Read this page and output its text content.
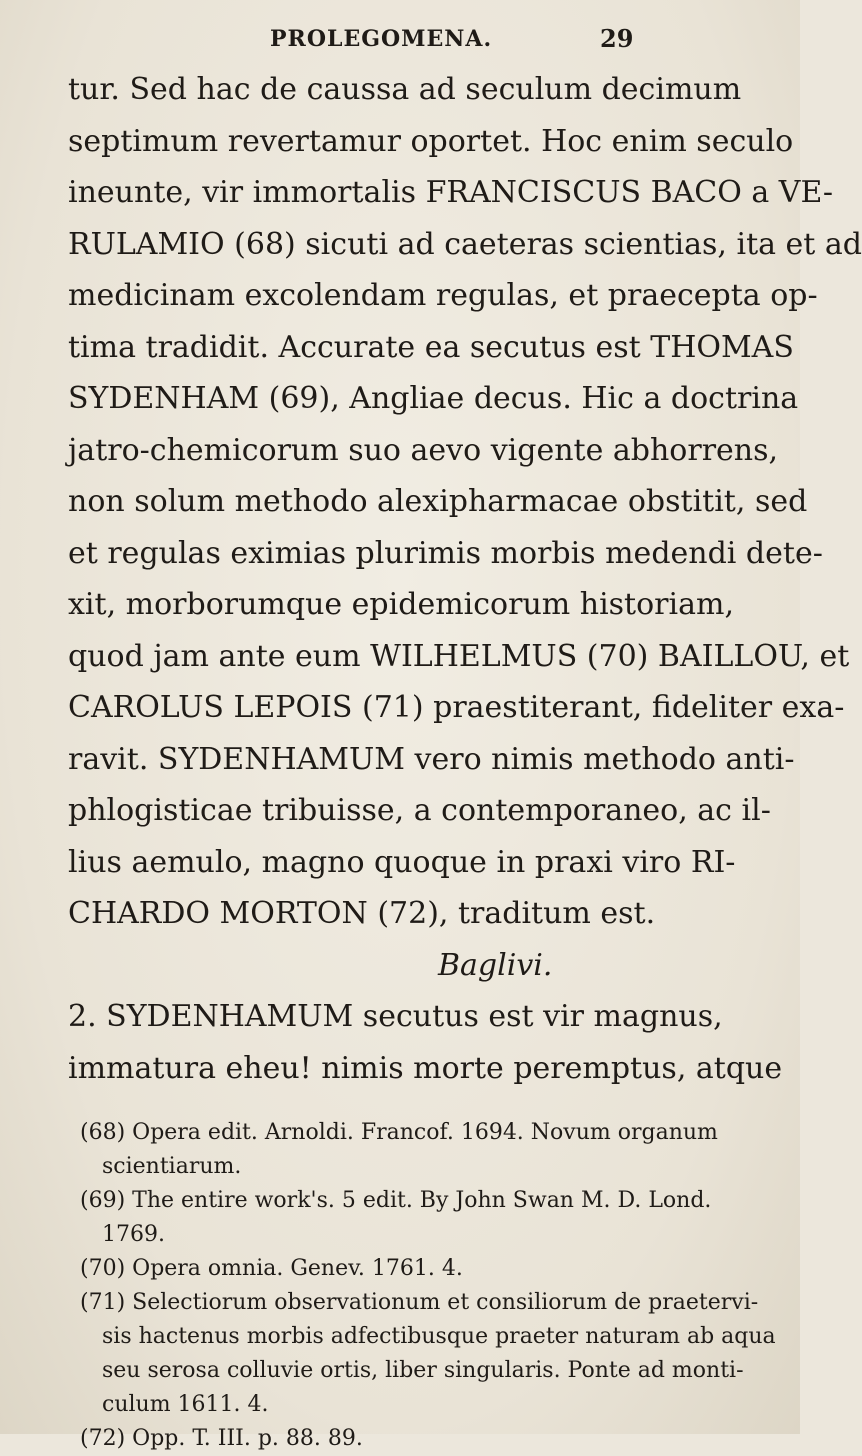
PROLEGOMENA.	29
tur. Sed hac de caussa ad seculum decimum
septimum revertamur oportet. Hoc enim seculo
ineunte, vir immortalis FRANCISCUS BACO a VE-
RULAMIO (68) sicuti ad caeteras scientias, ita et ad
medicinam excolendam regulas, et praecepta op-
tima tradidit. Accurate ea secutus est THOMAS
SYDENHAM (69), Angliae decus. Hic a doctrina
jatro-chemicorum suo aevo vigente abhorrens,
non solum methodo alexipharmacae obstitit, sed
et regulas eximias plurimis morbis medendi dete-
xit, morborumque epidemicorum historiam,
quod jam ante eum WILHELMUS (70) BAILLOU, et
CAROLUS LEPOIS (71) praestiterant, fideliter exa-
ravit. SYDENHAMUM vero nimis methodo anti-
phlogisticae tribuisse, a contemporaneo, ac il-
lius aemulo, magno quoque in praxi viro RI-
CHARDO MORTON (72), traditum est.
Baglivi.
2. SYDENHAMUM secutus est vir magnus,
immatura eheu! nimis morte peremptus, atque
(68) Opera edit. Arnoldi. Francof. 1694. Novum organum
scientiarum.
(69) The entire work's. 5 edit. By John Swan M. D. Lond.
1769.
(70) Opera omnia. Genev. 1761. 4.
(71) Selectiorum observationum et consiliorum de praetervi-
sis hactenus morbis adfectibusque praeter naturam ab aqua
seu serosa colluvie ortis, liber singularis. Ponte ad monti-
culum 1611. 4.
(72) Opp. T. III. p. 88. 89.
